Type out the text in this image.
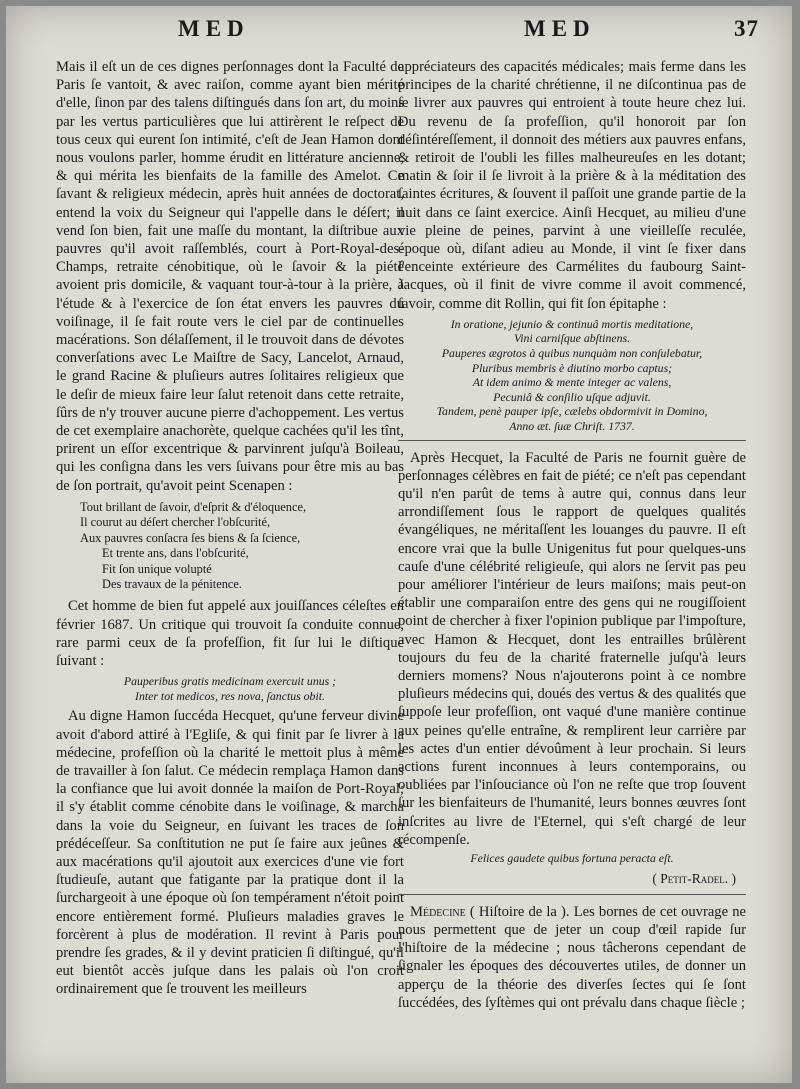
MED	MED	37

Mais il eſt un de ces dignes perſonnages dont la Faculté de Paris ſe vantoit, & avec raiſon, comme ayant bien mérité d'elle, ſinon par des talens diſtingués dans ſon art, du moins par les vertus particulières que lui attirèrent le reſpect de tous ceux qui eurent ſon intimité, c'eſt de Jean Hamon dont nous voulons parler, homme érudit en littérature ancienne, & qui mérita les bienfaits de la famille des Amelot. Ce ſavant & religieux médecin, après huit années de doctorat, entend la voix du Seigneur qui l'appelle dans le déſert; il vend ſon bien, fait une maſſe du montant, la diſtribue aux pauvres qu'il avoit raſſemblés, court à Port-Royal-des-Champs, retraite cénobitique, où le ſavoir & la piété avoient pris domicile, & vaquant tour-à-tour à la prière, à l'étude & à l'exercice de ſon état envers les pauvres du voiſinage, il ſe fait route vers le ciel par de continuelles macérations. Son délaſſement, il le trouvoit dans de dévotes converſations avec Le Maiſtre de Sacy, Lancelot, Arnaud, le grand Racine & pluſieurs autres ſolitaires religieux que le deſir de mieux faire leur ſalut retenoit dans cette retraite, ſûrs de n'y trouver aucune pierre d'achoppement. Les vertus de cet exemplaire anachorète, quelque cachées qu'il les tînt, prirent un eſſor excentrique & parvinrent juſqu'à Boileau, qui les conſigna dans les vers ſuivans pour être mis au bas de ſon portrait, qu'avoit peint Scenapen :

Tout brillant de ſavoir, d'eſprit & d'éloquence,
Il courut au déſert chercher l'obſcurité,
Aux pauvres conſacra ſes biens & ſa ſcience,
Et trente ans, dans l'obſcurité,
Fit ſon unique volupté
Des travaux de la pénitence.

Cet homme de bien fut appelé aux jouiſſances céleſtes en février 1687. Un critique qui trouvoit ſa conduite connue, rare parmi ceux de ſa profeſſion, fit ſur lui le diſtique ſuivant :

Pauperibus gratis medicinam exercuit unus ;
Inter tot medicos, res nova, ſanctus obit.

Au digne Hamon ſuccéda Hecquet, qu'une ferveur divine avoit d'abord attiré à l'Egliſe, & qui finit par ſe livrer à la médecine, profeſſion où la charité le mettoit plus à même de travailler à ſon ſalut. Ce médecin remplaça Hamon dans la confiance que lui avoit donnée la maiſon de Port-Royal; il s'y établit comme cénobite dans le voiſinage, & marcha dans la voie du Seigneur, en ſuivant les traces de ſon prédéceſſeur. Sa conſtitution ne put ſe faire aux jeûnes & aux macérations qu'il ajoutoit aux exercices d'une vie fort ſtudieuſe, autant que fatigante par la pratique dont il la ſurchargeoit à une époque où ſon tempérament n'étoit point encore entièrement formé. Pluſieurs maladies graves le forcèrent à plus de modération. Il revint à Paris pour prendre ſes grades, & il y devint praticien ſi diſtingué, qu'il eut bientôt accès juſque dans les palais où l'on croit ordinairement que ſe trouvent les meilleurs

appréciateurs des capacités médicales; mais ferme dans les principes de la charité chrétienne, il ne diſcontinua pas de ſe livrer aux pauvres qui entroient à toute heure chez lui. Du revenu de ſa profeſſion, qu'il honoroit par ſon déſintéreſſement, il donnoit des métiers aux pauvres enfans, & retiroit de l'oubli les filles malheureuſes en les dotant; matin & ſoir il ſe livroit à la prière & à la méditation des ſaintes écritures, & ſouvent il paſſoit une grande partie de la nuit dans ce ſaint exercice. Ainſi Hecquet, au milieu d'une vie pleine de peines, parvint à une vieilleſſe reculée, époque où, diſant adieu au Monde, il vint ſe fixer dans l'enceinte extérieure des Carmélites du faubourg Saint-Jacques, où il finit de vivre comme il avoit commencé, ſavoir, comme dit Rollin, qui fit ſon épitaphe :

In oratione, jejunio & continuâ mortis meditatione,
Vini carniſque abſtinens.
Pauperes ægrotos à quibus nunquàm non conſulebatur,
Pluribus membris è diutino morbo captus;
At idem animo & mente integer ac valens,
Pecuniâ & conſilio uſque adjuvit.
Tandem, penè pauper ipſe, cælebs obdormivit in Domino,
Anno æt. ſuæ Chriſt. 1737.

Après Hecquet, la Faculté de Paris ne fournit guère de perſonnages célèbres en fait de piété; ce n'eſt pas cependant qu'il n'en parût de tems à autre qui, connus dans leur arrondiſſement ſous le rapport de quelques qualités évangéliques, ne méritaſſent les louanges du pauvre. Il eſt encore vrai que la bulle Unigenitus fut pour quelques-uns cauſe d'une célébrité religieuſe, qui alors ne ſervit pas peu pour améliorer l'intérieur de leurs maiſons; mais peut-on établir une comparaiſon entre des gens qui ne rougiſſoient point de chercher à fixer l'opinion publique par l'impoſture, avec Hamon & Hecquet, dont les entrailles brûlèrent toujours du feu de la charité fraternelle juſqu'à leurs derniers momens? Nous n'ajouterons point à ce nombre pluſieurs médecins qui, doués des vertus & des qualités que ſuppoſe leur profeſſion, ont vaqué d'une manière continue aux peines qu'elle entraîne, & remplirent leur carrière par les actes d'un entier dévoûment à leur prochain. Si leurs actions furent inconnues à leurs contemporains, ou oubliées par l'inſouciance où l'on ne reſte que trop ſouvent ſur les bienfaiteurs de l'humanité, leurs bonnes œuvres ſont inſcrites au livre de l'Eternel, qui s'eſt chargé de leur récompenſe.

Felices gaudete quibus fortuna peracta eſt.
( Petit-Radel. )

Médecine ( Hiſtoire de la ). Les bornes de cet ouvrage ne nous permettent que de jeter un coup d'œil rapide ſur l'hiſtoire de la médecine ; nous tâcherons cependant de ſignaler les époques des découvertes utiles, de donner un apperçu de la théorie des diverſes ſectes qui ſe ſont ſuccédées, des ſyſtèmes qui ont prévalu dans chaque ſiècle ;
